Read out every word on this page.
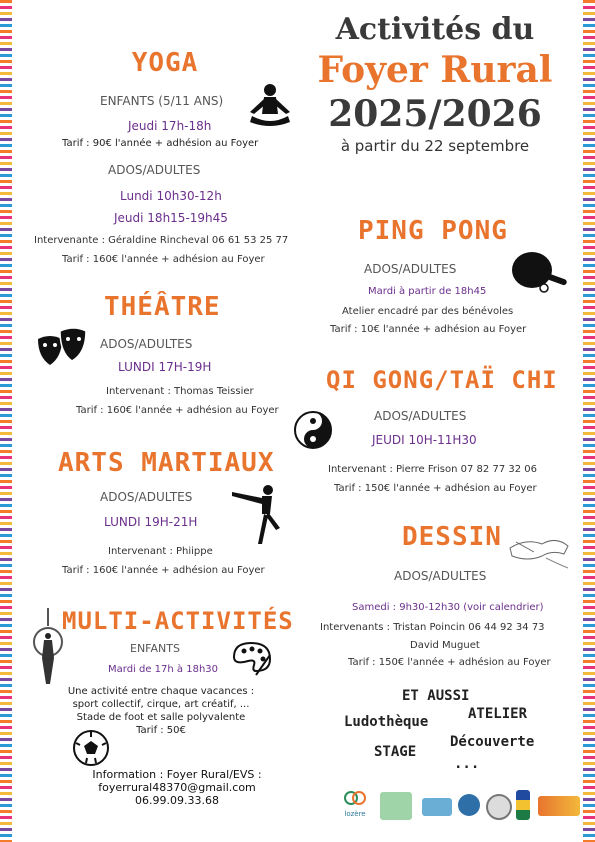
Activités du
Foyer Rural
2025/2026
à partir du 22 septembre
YOGA
ENFANTS (5/11 ANS)
Jeudi 17h-18h
Tarif : 90€ l'année + adhésion au Foyer
ADOS/ADULTES
Lundi 10h30-12h
Jeudi 18h15-19h45
Intervenante : Géraldine Rincheval 06 61 53 25 77
Tarif : 160€ l'année + adhésion au Foyer
THÉÂTRE
ADOS/ADULTES
LUNDI 17H-19H
Intervenant : Thomas Teissier
Tarif : 160€ l'année + adhésion au Foyer
ARTS MARTIAUX
ADOS/ADULTES
LUNDI 19H-21H
Intervenant : Phiippe
Tarif : 160€ l'année + adhésion au Foyer
MULTI-ACTIVITÉS
ENFANTS
Mardi de 17h à 18h30
Une activité entre chaque vacances :
sport collectif, cirque, art créatif, ...
Stade de foot et salle polyvalente
Tarif : 50€
Information : Foyer Rural/EVS :
foyerrural48370@gmail.com
06.99.09.33.68
PING PONG
ADOS/ADULTES
Mardi à partir de 18h45
Atelier encadré par des bénévoles
Tarif : 10€ l'année + adhésion au Foyer
QI GONG/TAÏ CHI
ADOS/ADULTES
JEUDI 10H-11H30
Intervenant : Pierre Frison 07 82 77 32 06
Tarif : 150€ l'année + adhésion au Foyer
DESSIN
ADOS/ADULTES
Samedi : 9h30-12h30 (voir calendrier)
Intervenants : Tristan Poincin 06 44 92 34 73
David Muguet
Tarif : 150€ l'année + adhésion au Foyer
ET AUSSI
Ludothèque	ATELIER
STAGE
Découverte
...
lozère
